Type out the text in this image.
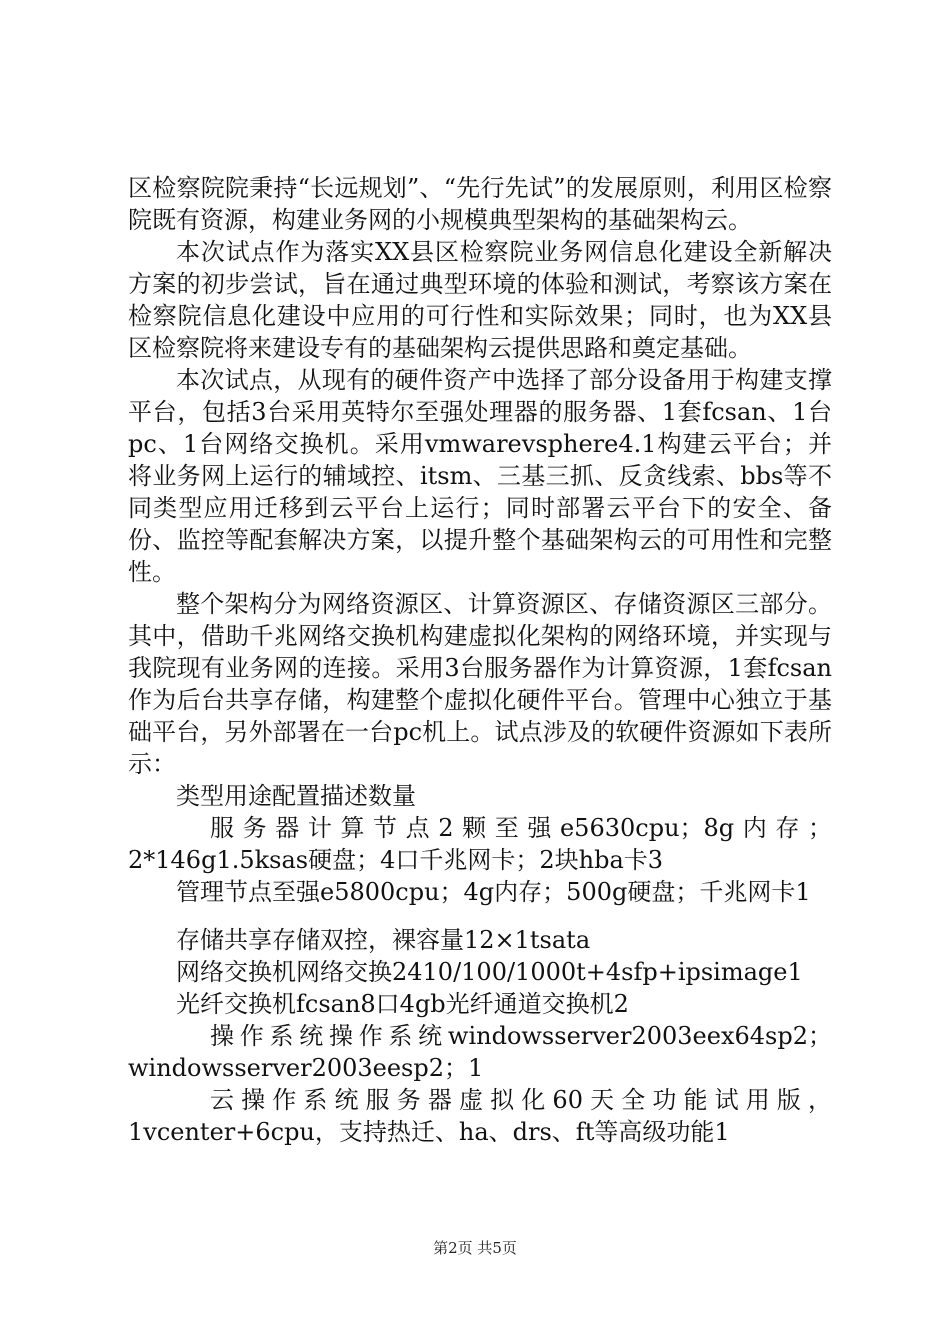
区检察院院秉持“长远规划”、“先行先试”的发展原则，利用区检察院既有资源，构建业务网的小规模典型架构的基础架构云。

本次试点作为落实XX县区检察院业务网信息化建设全新解决方案的初步尝试，旨在通过典型环境的体验和测试，考察该方案在检察院信息化建设中应用的可行性和实际效果；同时，也为XX县区检察院将来建设专有的基础架构云提供思路和奠定基础。

本次试点，从现有的硬件资产中选择了部分设备用于构建支撑平台，包括3台采用英特尔至强处理器的服务器、1套fcsan、1台pc、1台网络交换机。采用vmwarevsphere4.1构建云平台；并将业务网上运行的辅域控、itsm、三基三抓、反贪线索、bbs等不同类型应用迁移到云平台上运行；同时部署云平台下的安全、备份、监控等配套解决方案，以提升整个基础架构云的可用性和完整性。

整个架构分为网络资源区、计算资源区、存储资源区三部分。其中，借助千兆网络交换机构建虚拟化架构的网络环境，并实现与我院现有业务网的连接。采用3台服务器作为计算资源，1套fcsan作为后台共享存储，构建整个虚拟化硬件平台。管理中心独立于基础平台，另外部署在一台pc机上。试点涉及的软硬件资源如下表所示：

类型用途配置描述数量
服务器计算节点2颗至强e5630cpu；8g内存；2*146g1.5ksas硬盘；4口千兆网卡；2块hba卡3
管理节点至强e5800cpu；4g内存；500g硬盘；千兆网卡1
存储共享存储双控，裸容量12×1tsata
网络交换机网络交换2410/100/1000t+4sfp+ipsimage1
光纤交换机fcsan8口4gb光纤通道交换机2
操作系统操作系统windowsserver2003eex64sp2；windowsserver2003eesp2；1
云操作系统服务器虚拟化60天全功能试用版，1vcenter+6cpu，支持热迁、ha、drs、ft等高级功能1
第2页 共5页
